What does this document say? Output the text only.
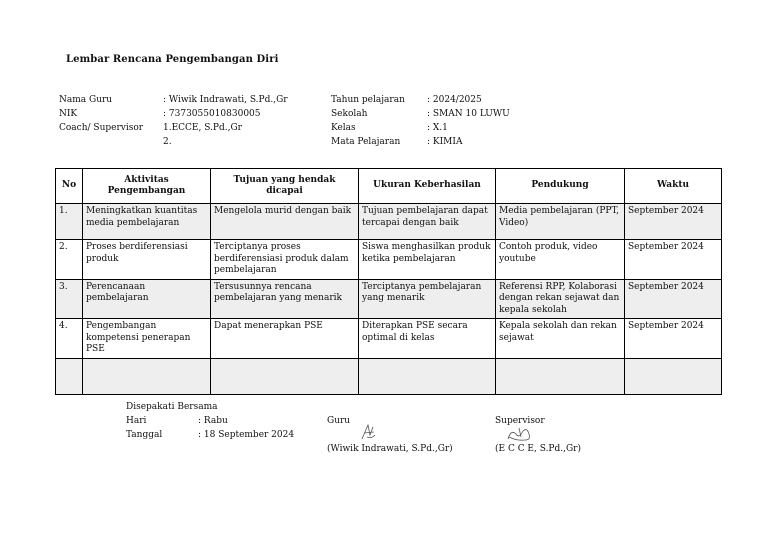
Lembar Rencana Pengembangan Diri
Nama Guru	: Wiwik Indrawati, S.Pd.,Gr
NIK	: 7373055010830005
Coach/ Supervisor	1.ECCE, S.Pd.,Gr
2.
Tahun pelajaran	: 2024/2025
Sekolah	: SMAN 10 LUWU
Kelas	: X.1
Mata Pelajaran	: KIMIA
No	Aktivitas Pengembangan	Tujuan yang hendak dicapai	Ukuran Keberhasilan	Pendukung	Waktu
1.	Meningkatkan kuantitas media pembelajaran	Mengelola murid dengan baik	Tujuan pembelajaran dapat tercapai dengan baik	Media pembelajaran (PPT, Video)	September 2024
2.	Proses berdiferensiasi produk	Terciptanya proses berdiferensiasi produk dalam pembelajaran	Siswa menghasilkan produk ketika pembelajaran	Contoh produk, video youtube	September 2024
3.	Perencanaan pembelajaran	Tersusunnya rencana pembelajaran yang menarik	Terciptanya pembelajaran yang menarik	Referensi RPP, Kolaborasi dengan rekan sejawat dan kepala sekolah	September 2024
4.	Pengembangan kompetensi penerapan PSE	Dapat menerapkan PSE	Diterapkan PSE secara optimal di kelas	Kepala sekolah dan rekan sejawat	September 2024

Disepakati Bersama
Hari	: Rabu
Tanggal	: 18 September 2024
Guru
(Wiwik Indrawati, S.Pd.,Gr)
Supervisor
(E C C E, S.Pd.,Gr)
